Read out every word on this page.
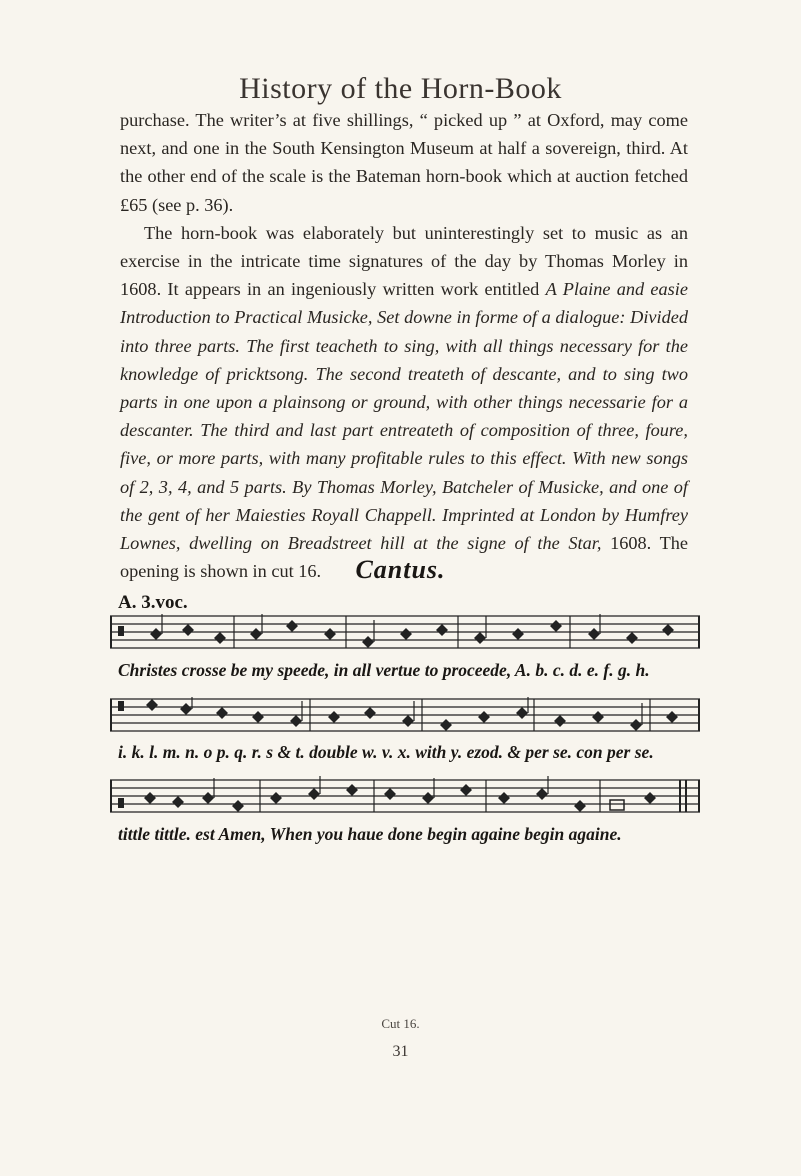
History of the Horn-Book

purchase. The writer’s at five shillings, “ picked up ” at Oxford, may come next, and one in the South Kensington Museum at half a sovereign, third. At the other end of the scale is the Bateman horn-book which at auction fetched £65 (see p. 36).

The horn-book was elaborately but uninterestingly set to music as an exercise in the intricate time signatures of the day by Thomas Morley in 1608. It appears in an ingeniously written work entitled A Plaine and easie Introduction to Practical Musicke, Set downe in forme of a dialogue: Divided into three parts. The first teacheth to sing, with all things necessary for the knowledge of pricktsong. The second treateth of descante, and to sing two parts in one upon a plainsong or ground, with other things necessarie for a descanter. The third and last part entreateth of composition of three, foure, five, or more parts, with many profitable rules to this effect. With new songs of 2, 3, 4, and 5 parts. By Thomas Morley, Batcheler of Musicke, and one of the gent of her Maiesties Royall Chappell. Imprinted at London by Humfrey Lownes, dwelling on Breadstreet hill at the signe of the Star, 1608. The opening is shown in cut 16.	Cantus.
A. 3.voc.
Christes crosse be my speede, in all vertue to proceede, A. b. c. d. e. f. g. h.
i. k. l. m. n. o p. q. r. s & t. double w. v. x. with y. ezod. & per se. con per se.
tittle tittle. est Amen, When you haue done begin againe begin againe.
Cut 16.
31
